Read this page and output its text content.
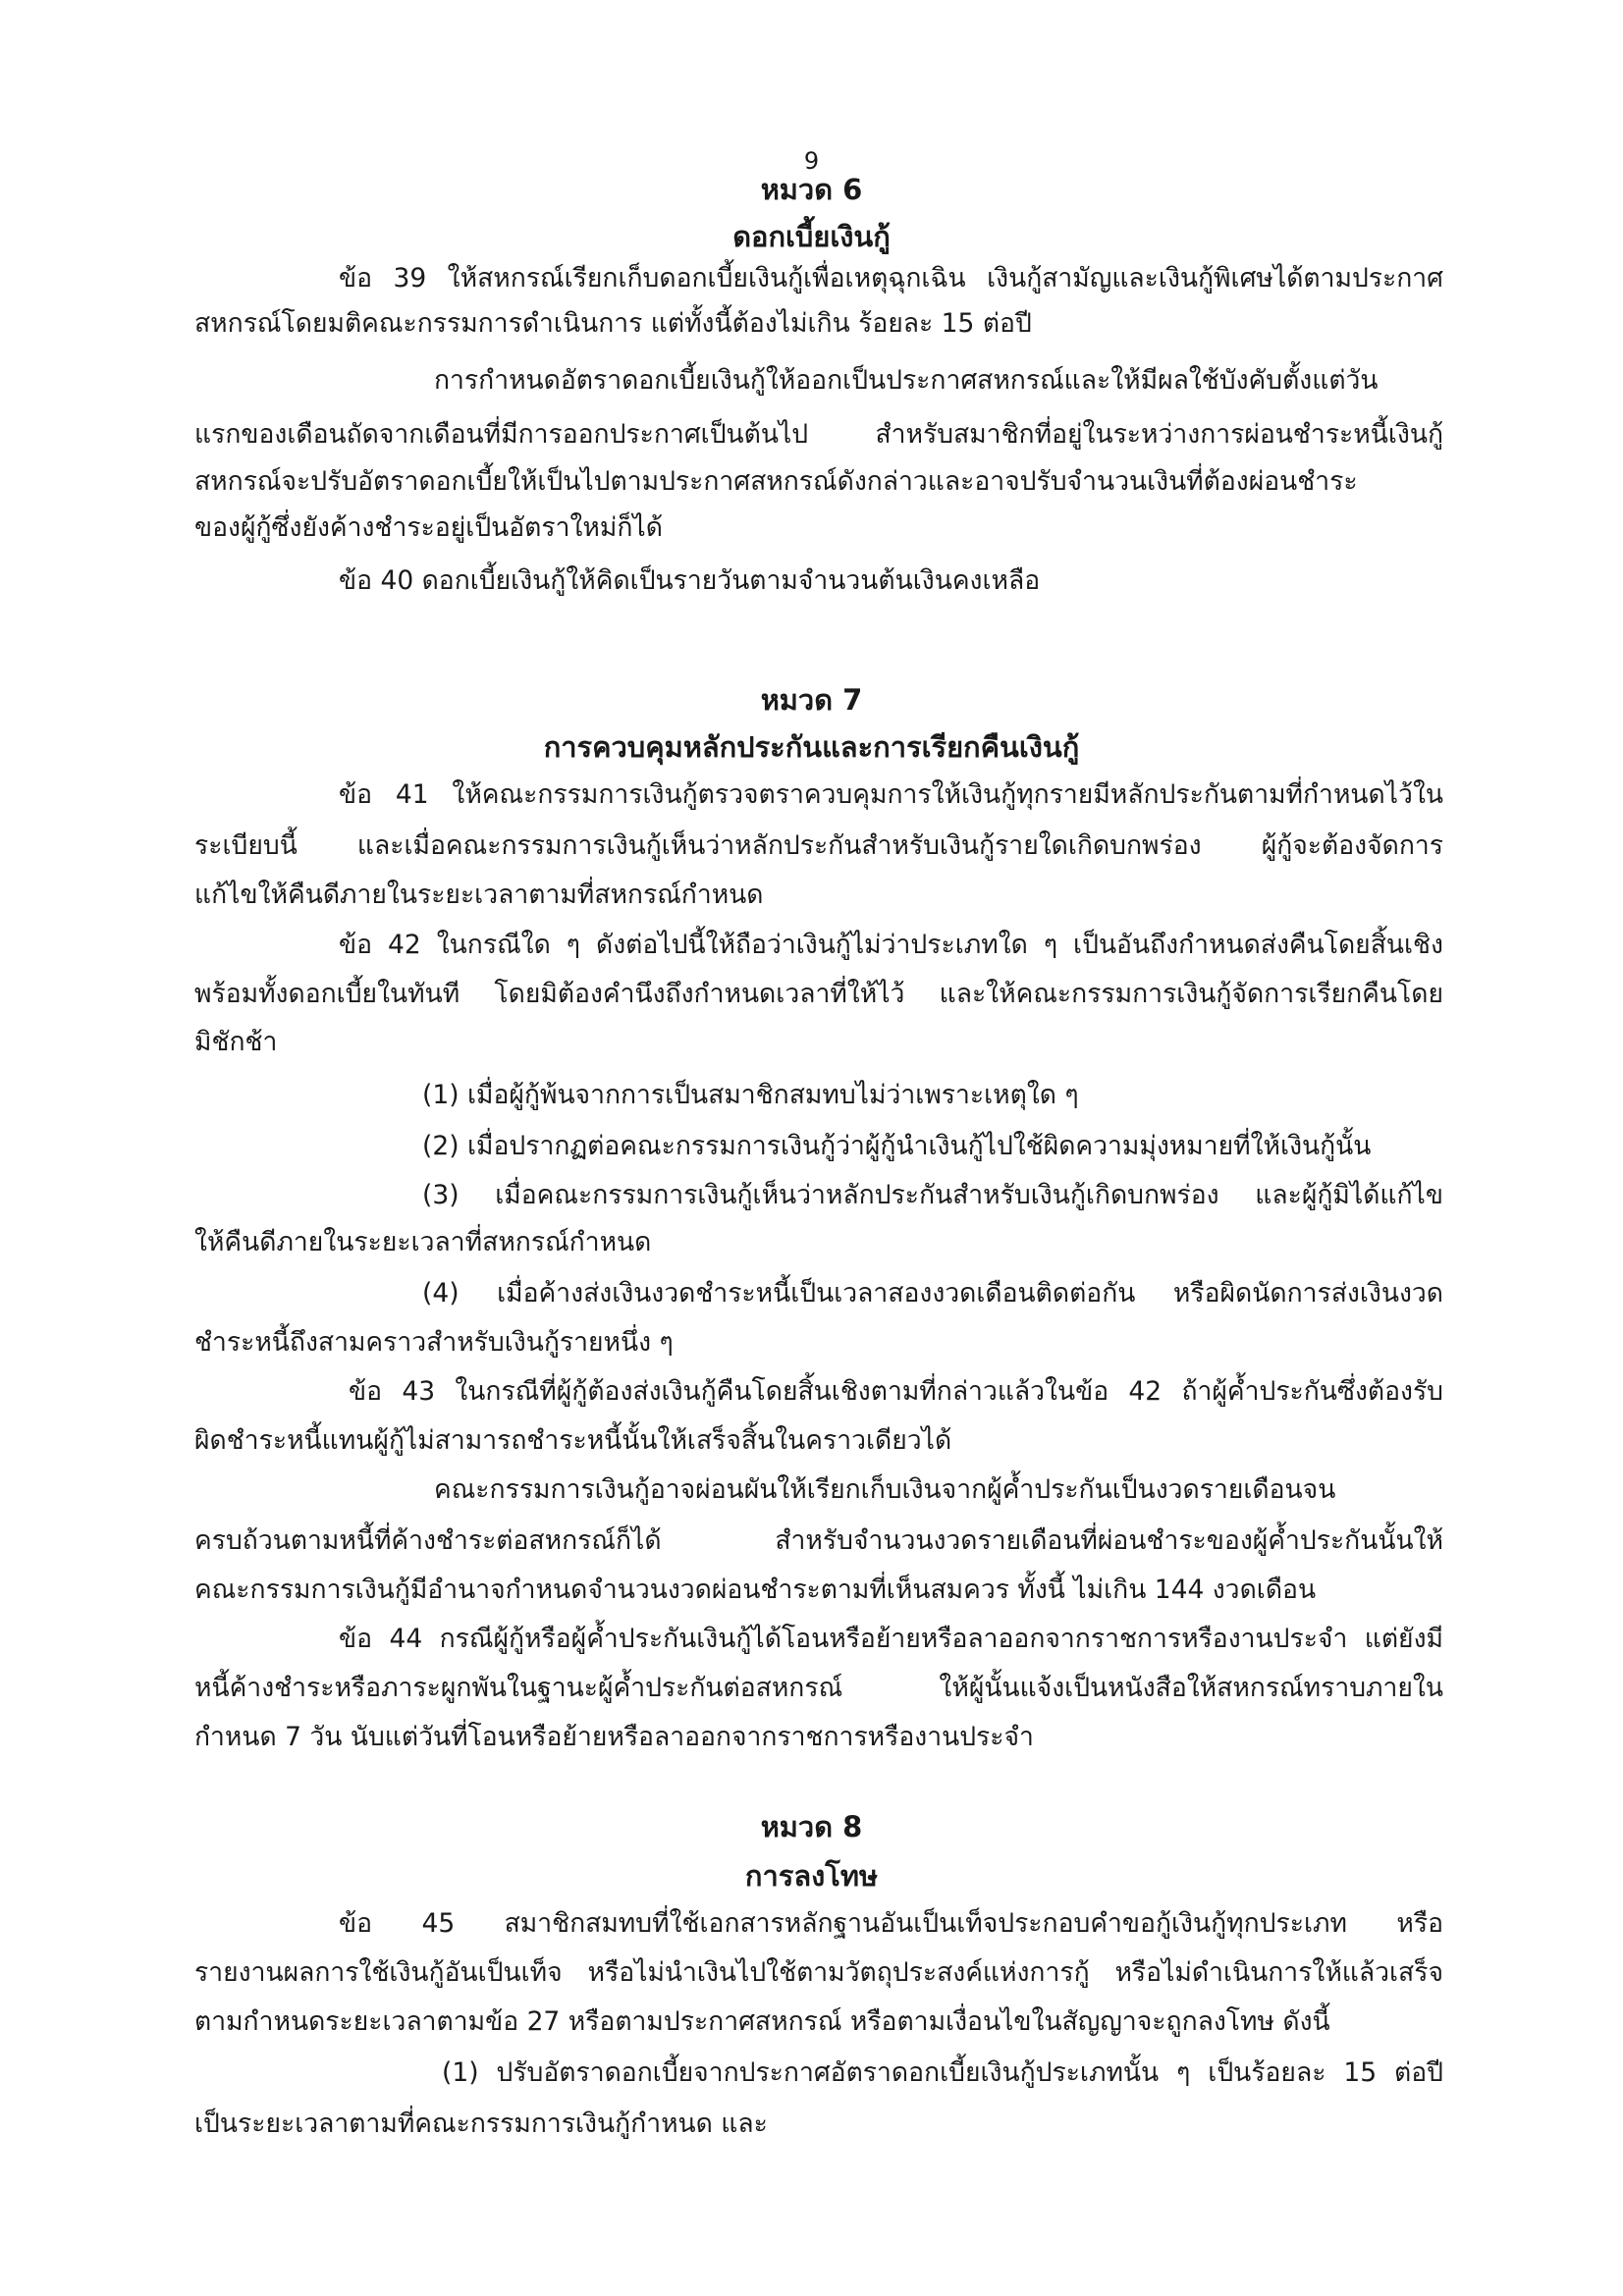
9
หมวด 6
ดอกเบี้ยเงินกู้
ข้อ 39 ให้สหกรณ์เรียกเก็บดอกเบี้ยเงินกู้เพื่อเหตุฉุกเฉิน เงินกู้สามัญและเงินกู้พิเศษได้ตามประกาศ
สหกรณ์โดยมติคณะกรรมการดำเนินการ แต่ทั้งนี้ต้องไม่เกิน ร้อยละ 15 ต่อปี
การกำหนดอัตราดอกเบี้ยเงินกู้ให้ออกเป็นประกาศสหกรณ์และให้มีผลใช้บังคับตั้งแต่วัน
แรกของเดือนถัดจากเดือนที่มีการออกประกาศเป็นต้นไป สำหรับสมาชิกที่อยู่ในระหว่างการผ่อนชำระหนี้เงินกู้
สหกรณ์จะปรับอัตราดอกเบี้ยให้เป็นไปตามประกาศสหกรณ์ดังกล่าวและอาจปรับจำนวนเงินที่ต้องผ่อนชำระ
ของผู้กู้ซึ่งยังค้างชำระอยู่เป็นอัตราใหม่ก็ได้
ข้อ 40 ดอกเบี้ยเงินกู้ให้คิดเป็นรายวันตามจำนวนต้นเงินคงเหลือ
หมวด 7
การควบคุมหลักประกันและการเรียกคืนเงินกู้
ข้อ 41 ให้คณะกรรมการเงินกู้ตรวจตราควบคุมการให้เงินกู้ทุกรายมีหลักประกันตามที่กำหนดไว้ใน
ระเบียบนี้ และเมื่อคณะกรรมการเงินกู้เห็นว่าหลักประกันสำหรับเงินกู้รายใดเกิดบกพร่อง ผู้กู้จะต้องจัดการ
แก้ไขให้คืนดีภายในระยะเวลาตามที่สหกรณ์กำหนด
ข้อ 42 ในกรณีใด ๆ ดังต่อไปนี้ให้ถือว่าเงินกู้ไม่ว่าประเภทใด ๆ เป็นอันถึงกำหนดส่งคืนโดยสิ้นเชิง
พร้อมทั้งดอกเบี้ยในทันที โดยมิต้องคำนึงถึงกำหนดเวลาที่ให้ไว้ และให้คณะกรรมการเงินกู้จัดการเรียกคืนโดย
มิชักช้า
(1) เมื่อผู้กู้พ้นจากการเป็นสมาชิกสมทบไม่ว่าเพราะเหตุใด ๆ
(2) เมื่อปรากฏต่อคณะกรรมการเงินกู้ว่าผู้กู้นำเงินกู้ไปใช้ผิดความมุ่งหมายที่ให้เงินกู้นั้น
(3) เมื่อคณะกรรมการเงินกู้เห็นว่าหลักประกันสำหรับเงินกู้เกิดบกพร่อง และผู้กู้มิได้แก้ไข
ให้คืนดีภายในระยะเวลาที่สหกรณ์กำหนด
(4) เมื่อค้างส่งเงินงวดชำระหนี้เป็นเวลาสองงวดเดือนติดต่อกัน หรือผิดนัดการส่งเงินงวด
ชำระหนี้ถึงสามคราวสำหรับเงินกู้รายหนึ่ง ๆ
ข้อ 43 ในกรณีที่ผู้กู้ต้องส่งเงินกู้คืนโดยสิ้นเชิงตามที่กล่าวแล้วในข้อ 42 ถ้าผู้ค้ำประกันซึ่งต้องรับ
ผิดชำระหนี้แทนผู้กู้ไม่สามารถชำระหนี้นั้นให้เสร็จสิ้นในคราวเดียวได้
คณะกรรมการเงินกู้อาจผ่อนผันให้เรียกเก็บเงินจากผู้ค้ำประกันเป็นงวดรายเดือนจน
ครบถ้วนตามหนี้ที่ค้างชำระต่อสหกรณ์ก็ได้ สำหรับจำนวนงวดรายเดือนที่ผ่อนชำระของผู้ค้ำประกันนั้นให้
คณะกรรมการเงินกู้มีอำนาจกำหนดจำนวนงวดผ่อนชำระตามที่เห็นสมควร ทั้งนี้ ไม่เกิน 144 งวดเดือน
ข้อ 44 กรณีผู้กู้หรือผู้ค้ำประกันเงินกู้ได้โอนหรือย้ายหรือลาออกจากราชการหรืองานประจำ แต่ยังมี
หนี้ค้างชำระหรือภาระผูกพันในฐานะผู้ค้ำประกันต่อสหกรณ์ ให้ผู้นั้นแจ้งเป็นหนังสือให้สหกรณ์ทราบภายใน
กำหนด 7 วัน นับแต่วันที่โอนหรือย้ายหรือลาออกจากราชการหรืองานประจำ
หมวด 8
การลงโทษ
ข้อ 45 สมาชิกสมทบที่ใช้เอกสารหลักฐานอันเป็นเท็จประกอบคำขอกู้เงินกู้ทุกประเภท หรือ
รายงานผลการใช้เงินกู้อันเป็นเท็จ หรือไม่นำเงินไปใช้ตามวัตถุประสงค์แห่งการกู้ หรือไม่ดำเนินการให้แล้วเสร็จ
ตามกำหนดระยะเวลาตามข้อ 27 หรือตามประกาศสหกรณ์ หรือตามเงื่อนไขในสัญญาจะถูกลงโทษ ดังนี้
(1) ปรับอัตราดอกเบี้ยจากประกาศอัตราดอกเบี้ยเงินกู้ประเภทนั้น ๆ เป็นร้อยละ 15 ต่อปี
เป็นระยะเวลาตามที่คณะกรรมการเงินกู้กำหนด และ
